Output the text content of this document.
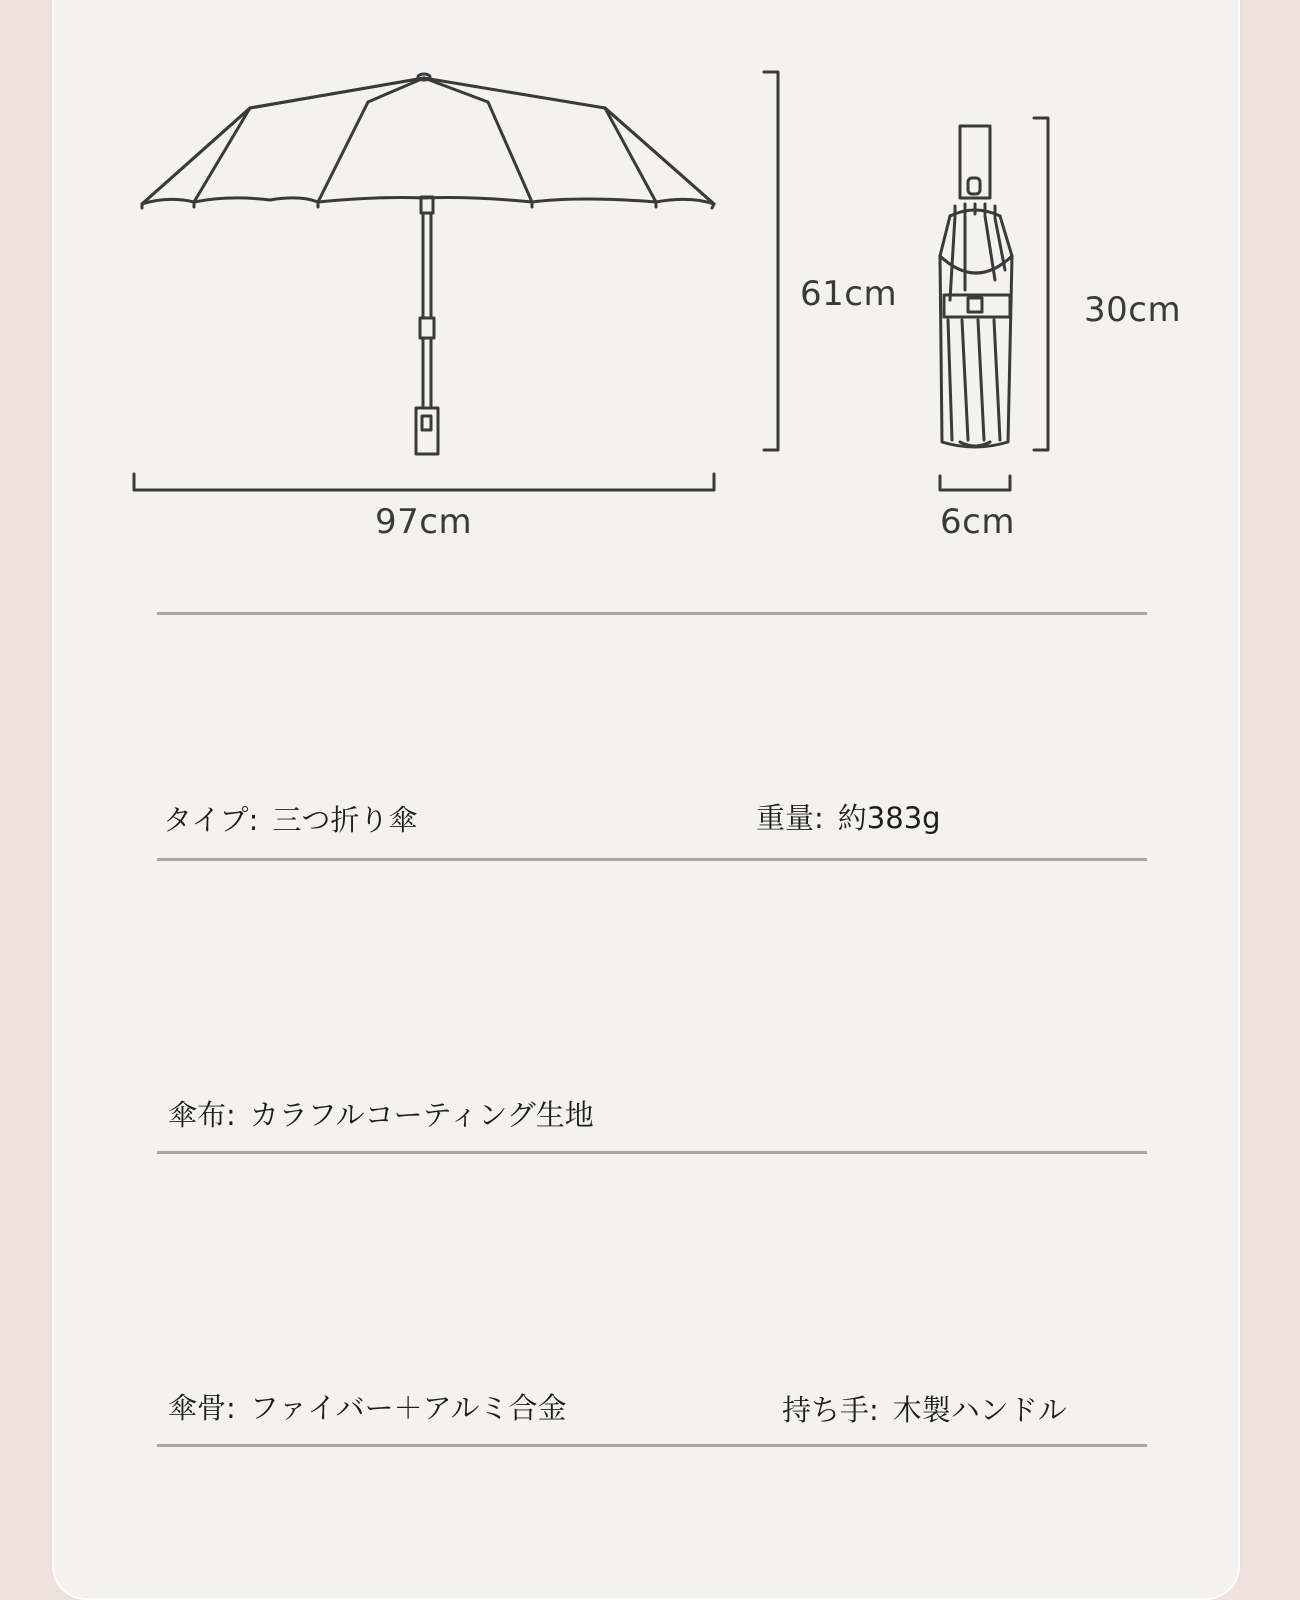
61cm	30cm
97cm	6cm
タイプ: 三つ折り傘	重量: 約383g
傘布: カラフルコーティング生地
傘骨: ファイバー＋アルミ合金	持ち手: 木製ハンドル
